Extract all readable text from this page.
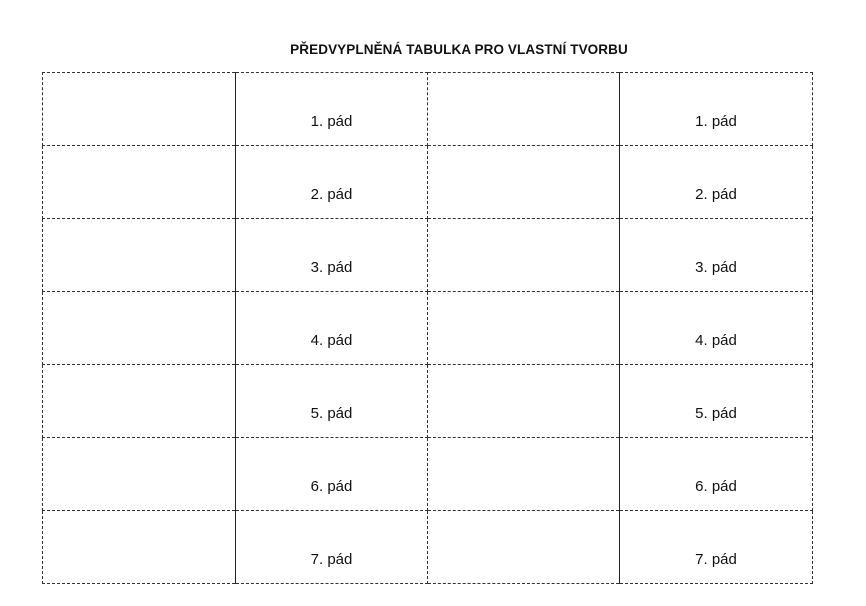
PŘEDVYPLNĚNÁ TABULKA PRO VLASTNÍ TVORBU
	1. pád		1. pád
	2. pád		2. pád
	3. pád		3. pád
	4. pád		4. pád
	5. pád		5. pád
	6. pád		6. pád
	7. pád		7. pád
